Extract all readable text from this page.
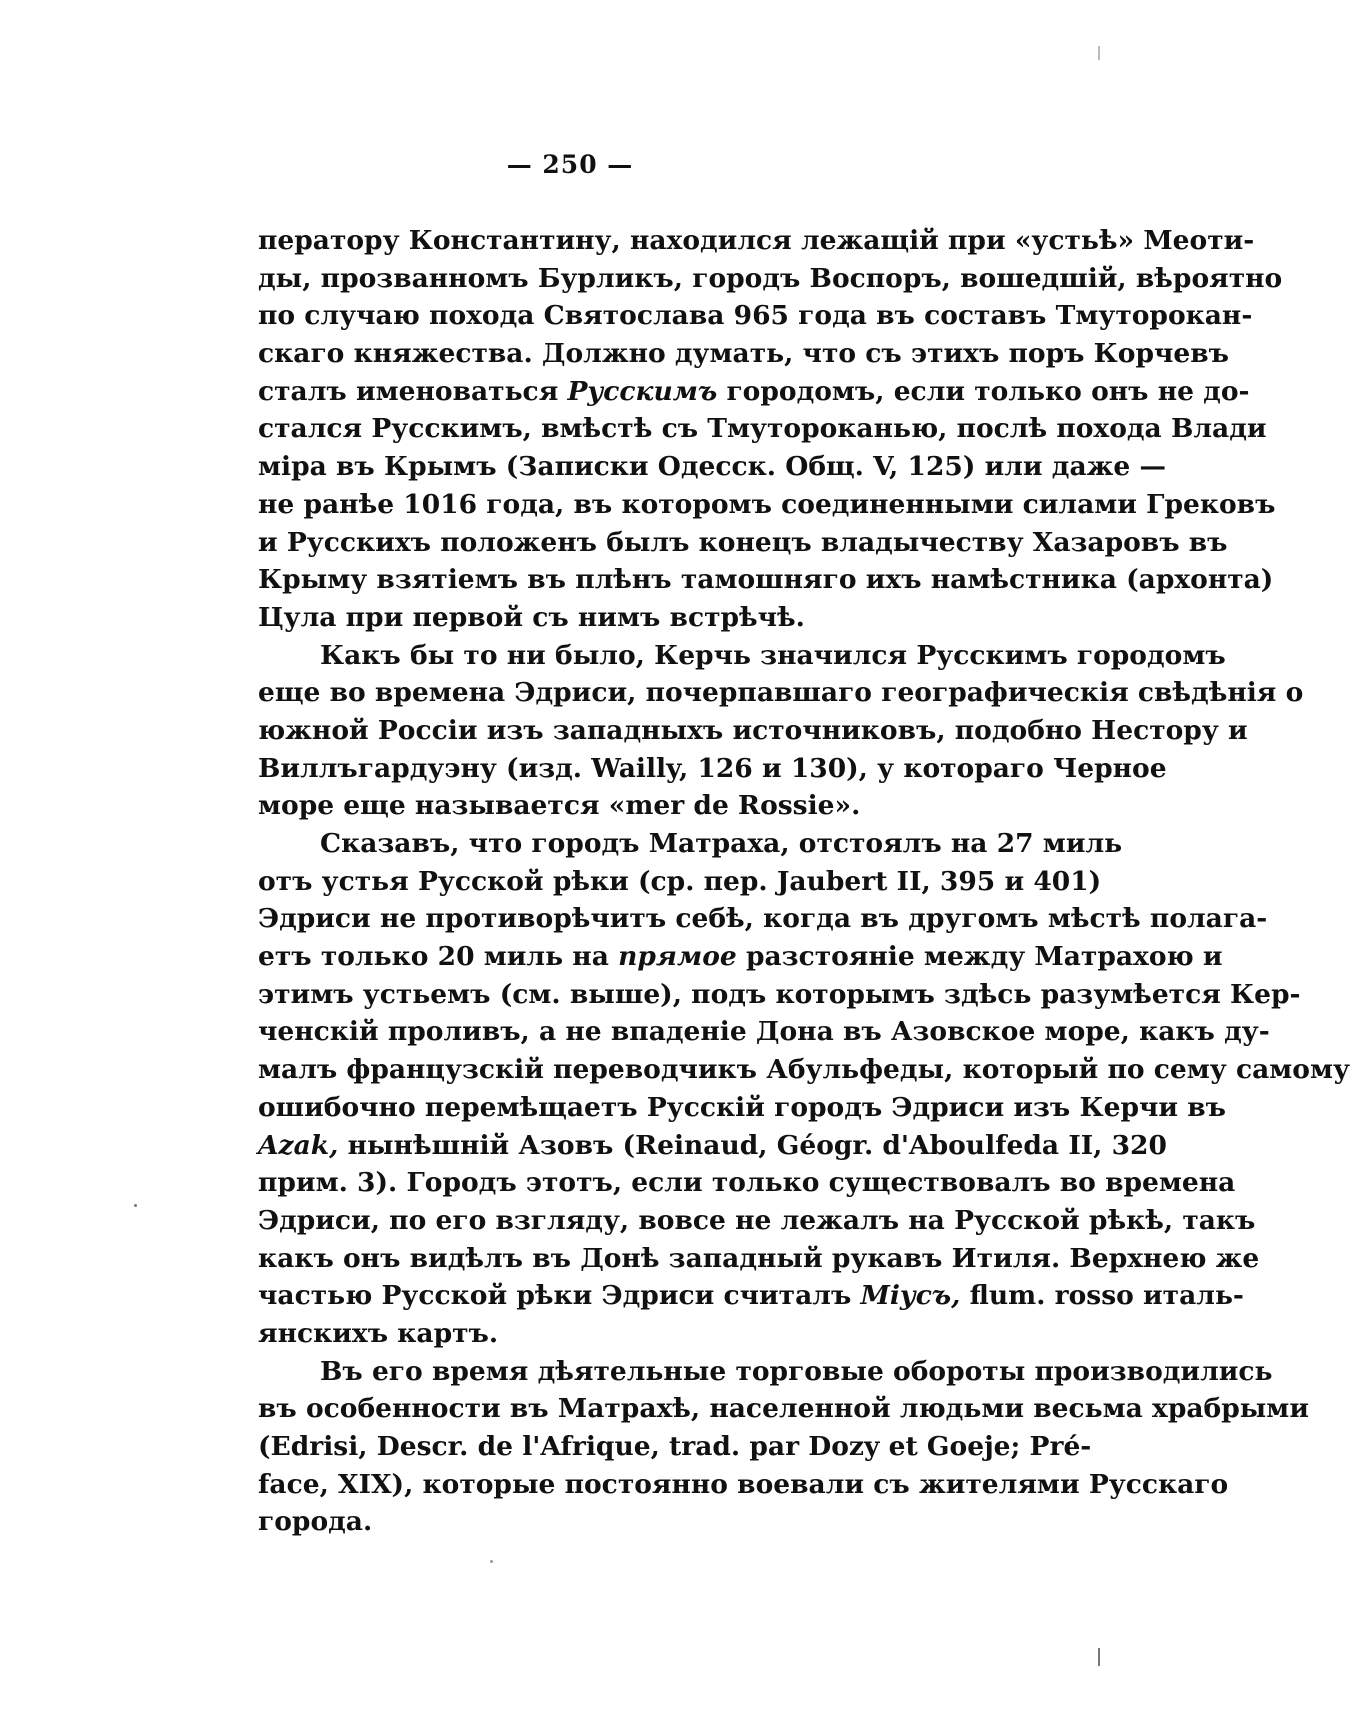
— 250 —
ператору Константину, находился лежащій при «устьѣ» Меоти-
ды, прозванномъ Бурликъ, городъ Воспоръ, вошедшій, вѣроятно
по случаю похода Святослава 965 года въ составъ Тмуторокан-
скаго княжества. Должно думать, что съ этихъ поръ Корчевъ
сталъ именоваться Русскимъ городомъ, если только онъ не до-
стался Русскимъ, вмѣстѣ съ Тмутороканью, послѣ похода Влади
міра въ Крымъ (Записки Одесск. Общ. V, 125) или даже —
не ранѣе 1016 года, въ которомъ соединенными силами Грековъ
и Русскихъ положенъ былъ конецъ владычеству Хазаровъ въ
Крыму взятіемъ въ плѣнъ тамошняго ихъ намѣстника (архонта)
Цула при первой съ нимъ встрѣчѣ.
Какъ бы то ни было, Керчь значился Русскимъ городомъ
еще во времена Эдриси, почерпавшаго географическія свѣдѣнія о
южной Россіи изъ западныхъ источниковъ, подобно Нестору и
Виллъгардуэну (изд. Wailly, 126 и 130), у котораго Черное
море еще называется «mer de Rossie».
Сказавъ, что городъ Матраха, отстоялъ на 27 миль
отъ устья Русской рѣки (ср. пер. Jaubert II, 395 и 401)
Эдриси не противорѣчитъ себѣ, когда въ другомъ мѣстѣ полага-
етъ только 20 миль на прямое разстояніе между Матрахою и
этимъ устьемъ (см. выше), подъ которымъ здѣсь разумѣется Кер-
ченскій проливъ, а не впаденіе Дона въ Азовское море, какъ ду-
малъ французскій переводчикъ Абульфеды, который по сему самому
ошибочно перемѣщаетъ Русскій городъ Эдриси изъ Керчи въ
Azak, нынѣшній Азовъ (Reinaud, Géogr. d'Aboulfeda II, 320
прим. 3). Городъ этотъ, если только существовалъ во времена
Эдриси, по его взгляду, вовсе не лежалъ на Русской рѣкѣ, такъ
какъ онъ видѣлъ въ Донѣ западный рукавъ Итиля. Верхнею же
частью Русской рѣки Эдриси считалъ Міусъ, flum. rosso италь-
янскихъ картъ.
Въ его время дѣятельные торговые обороты производились
въ особенности въ Матрахѣ, населенной людьми весьма храбрыми
(Edrisi, Descr. de l'Afrique, trad. par Dozy et Goeje; Pré-
face, XIX), которые постоянно воевали съ жителями Русскаго
города.
